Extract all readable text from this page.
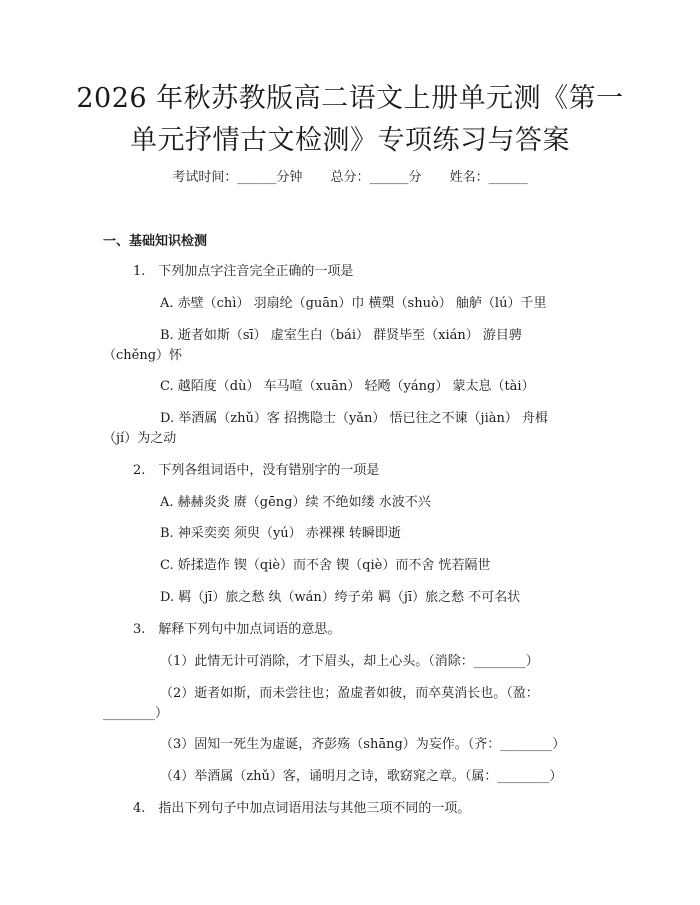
2026 年秋苏教版高二语文上册单元测《第一
单元抒情古文检测》专项练习与答案
考试时间：______分钟 总分：______分 姓名：______
一、基础知识检测
1.　下列加点字注音完全正确的一项是
A. 赤壁（chì） 羽扇纶（guān）巾 横槊（shuò） 舳舻（lú）千里
B. 逝者如斯（sī） 虚室生白（bái） 群贤毕至（xián） 游目骋
（chěng）怀
C. 越陌度（dù） 车马喧（xuān） 轻飏（yáng） 蒙太息（tài）
D. 举酒属（zhǔ）客 招携隐士（yǎn） 悟已往之不谏（jiàn） 舟楫
（jí）为之动
2.　下列各组词语中，没有错别字的一项是
A. 赫赫炎炎 赓（gēng）续 不绝如缕 水波不兴
B. 神采奕奕 须臾（yú） 赤裸裸 转瞬即逝
C. 娇揉造作 锲（qiè）而不舍 锲（qiè）而不舍 恍若隔世
D. 羁（jī）旅之愁 纨（wán）绔子弟 羁（jī）旅之愁 不可名状
3.　解释下列句中加点词语的意思。
（1）此情无计可消除，才下眉头，却上心头。（消除：________）
（2）逝者如斯，而未尝往也；盈虚者如彼，而卒莫消长也。（盈：
________）
（3）固知一死生为虚诞，齐彭殇（shāng）为妄作。（齐：________）
（4）举酒属（zhǔ）客，诵明月之诗，歌窈窕之章。（属：________）
4.　指出下列句子中加点词语用法与其他三项不同的一项。
